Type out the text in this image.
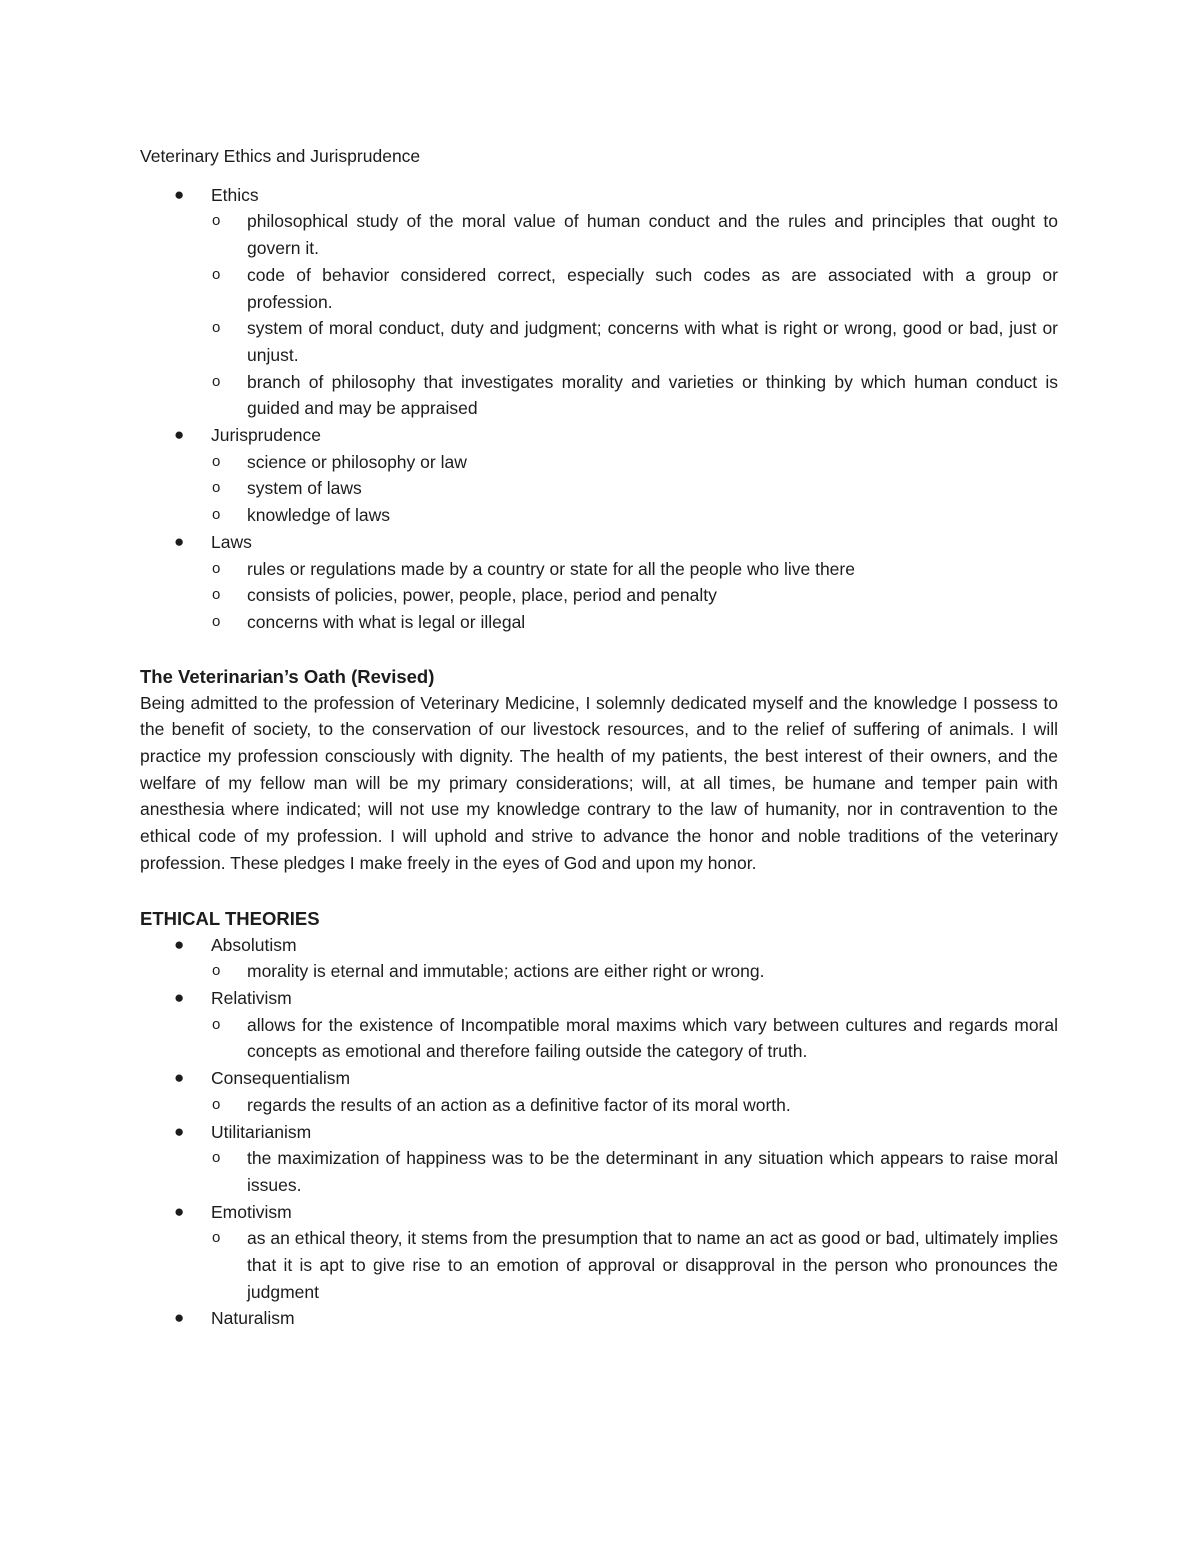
Veterinary Ethics and Jurisprudence
● Ethics
o philosophical study of the moral value of human conduct and the rules and principles that ought to govern it.
o code of behavior considered correct, especially such codes as are associated with a group or profession.
o system of moral conduct, duty and judgment; concerns with what is right or wrong, good or bad, just or unjust.
o branch of philosophy that investigates morality and varieties or thinking by which human conduct is guided and may be appraised
● Jurisprudence
o science or philosophy or law
o system of laws
o knowledge of laws
● Laws
o rules or regulations made by a country or state for all the people who live there
o consists of policies, power, people, place, period and penalty
o concerns with what is legal or illegal
The Veterinarian’s Oath (Revised)

Being admitted to the profession of Veterinary Medicine, I solemnly dedicated myself and the knowledge I possess to the benefit of society, to the conservation of our livestock resources, and to the relief of suffering of animals. I will practice my profession consciously with dignity. The health of my patients, the best interest of their owners, and the welfare of my fellow man will be my primary considerations; will, at all times, be humane and temper pain with anesthesia where indicated; will not use my knowledge contrary to the law of humanity, nor in contravention to the ethical code of my profession. I will uphold and strive to advance the honor and noble traditions of the veterinary profession. These pledges I make freely in the eyes of God and upon my honor.

ETHICAL THEORIES
● Absolutism
o morality is eternal and immutable; actions are either right or wrong.
● Relativism
o allows for the existence of Incompatible moral maxims which vary between cultures and regards moral concepts as emotional and therefore failing outside the category of truth.
● Consequentialism
o regards the results of an action as a definitive factor of its moral worth.
● Utilitarianism
o the maximization of happiness was to be the determinant in any situation which appears to raise moral issues.
● Emotivism
o as an ethical theory, it stems from the presumption that to name an act as good or bad, ultimately implies that it is apt to give rise to an emotion of approval or disapproval in the person who pronounces the judgment
● Naturalism
